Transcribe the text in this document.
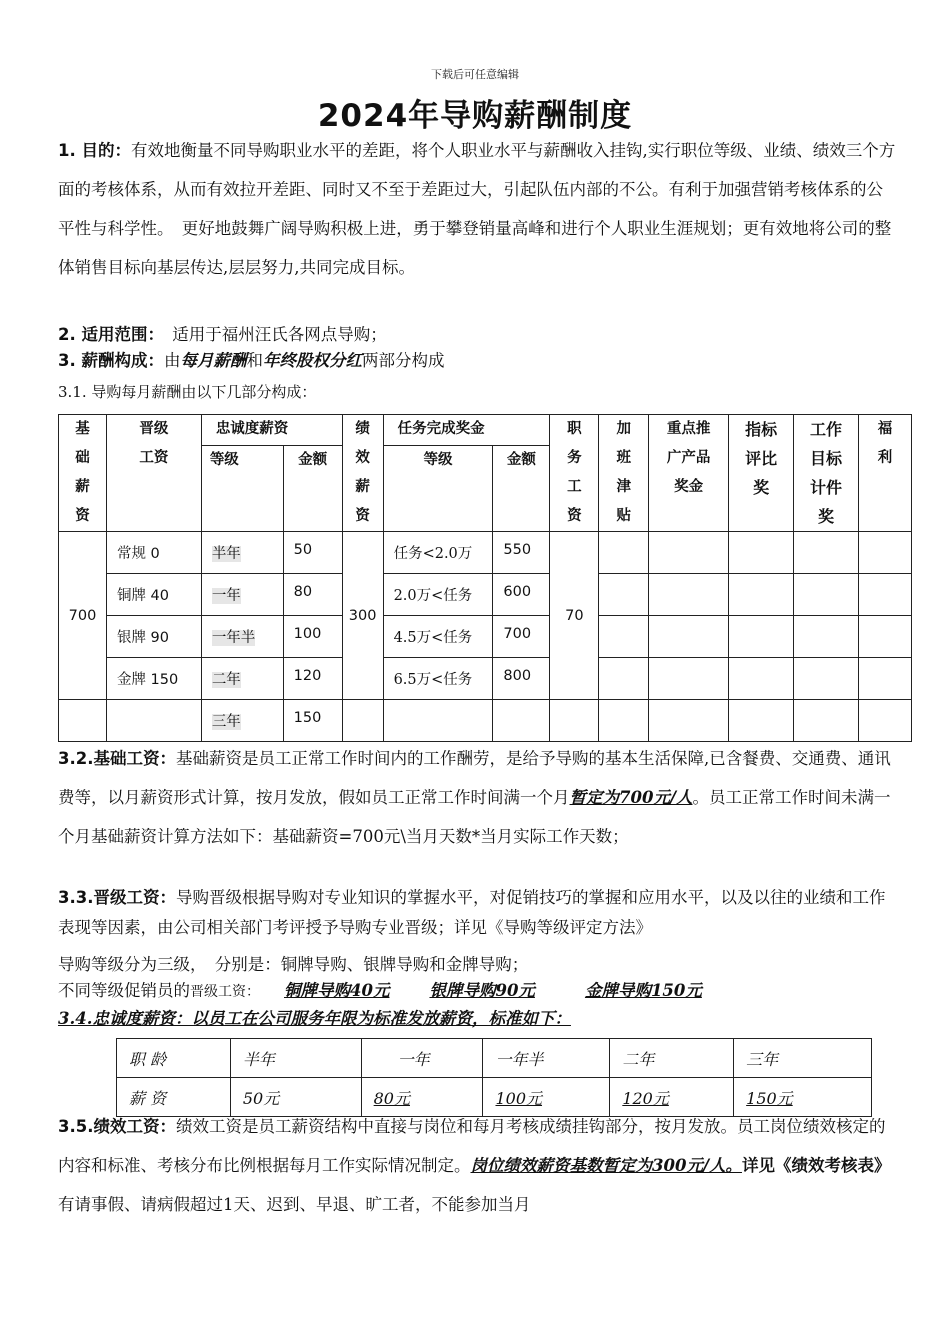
下载后可任意编辑
2024年导购薪酬制度

1. 目的：有效地衡量不同导购职业水平的差距，将个人职业水平与薪酬收入挂钩,实行职位等级、业绩、绩效三个方面的考核体系，从而有效拉开差距、同时又不至于差距过大，引起队伍内部的不公。有利于加强营销考核体系的公平性与科学性。　更好地鼓舞广阔导购积极上进，勇于攀登销量高峰和进行个人职业生涯规划；更有效地将公司的整体销售目标向基层传达,层层努力,共同完成目标。

2. 适用范围：　适用于福州汪氏各网点导购；
3. 薪酬构成：由每月薪酬和年终股权分红两部分构成
3.1. 导购每月薪酬由以下几部分构成：
基础薪资	晋级工资	忠诚度薪资		绩效薪资	任务完成奖金		职务工资	加班津贴	重点推广产品奖金	指标评比奖	工作目标计件奖	福利

		等级	金额		等级	金额						
700	常规 0	半年	50	300	任务<2.0万	550	70					
	铜牌 40	一年	80		2.0万<任务	600						
	银牌 90	一年半	100		4.5万<任务	700						
	金牌 150	二年	120		6.5万<任务	800						
		三年	150									

3.2.基础工资：基础薪资是员工正常工作时间内的工作酬劳，是给予导购的基本生活保障,已含餐费、交通费、通讯费等，以月薪资形式计算，按月发放，假如员工正常工作时间满一个月暂定为700元/人。员工正常工作时间未满一个月基础薪资计算方法如下：基础薪资=700元\当月天数*当月实际工作天数；

3.3.晋级工资：导购晋级根据导购对专业知识的掌握水平，对促销技巧的掌握和应用水平，以及以往的业绩和工作表现等因素，由公司相关部门考评授予导购专业晋级；详见《导购等级评定方法》

导购等级分为三级，　分别是：铜牌导购、银牌导购和金牌导购；
不同等级促销员的晋级工资： 铜牌导购40元 银牌导购90元	金牌导购150元
3.4.忠诚度薪资：以员工在公司服务年限为标准发放薪资，标准如下：
职 龄	半年	一年	一年半	二年	三年
薪 资	50元	80元	100元	120元	150元

3.5.绩效工资：绩效工资是员工薪资结构中直接与岗位和每月考核成绩挂钩部分，按月发放。员工岗位绩效核定的内容和标准、考核分布比例根据每月工作实际情况制定。岗位绩效薪资基数暂定为300元/人。详见《绩效考核表》有请事假、请病假超过1天、迟到、早退、旷工者，不能参加当月
